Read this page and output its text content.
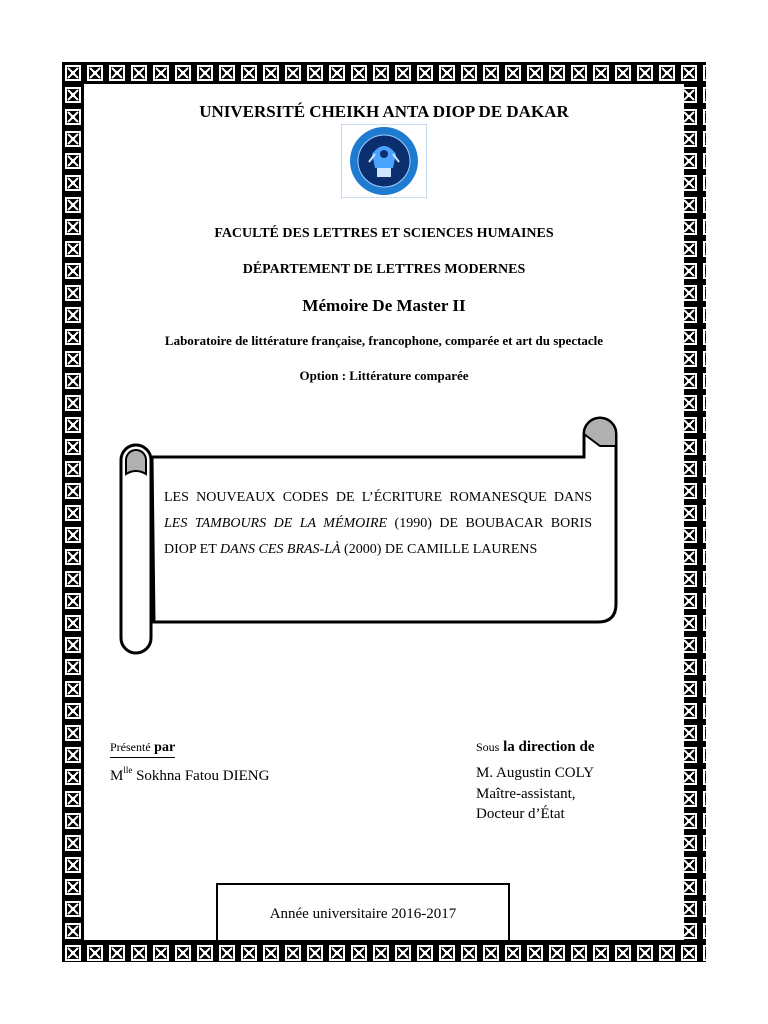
UNIVERSITÉ CHEIKH ANTA DIOP DE DAKAR
FACULTÉ DES LETTRES ET SCIENCES HUMAINES
DÉPARTEMENT DE LETTRES MODERNES
Mémoire De Master II
Laboratoire de littérature française, francophone, comparée et art du spectacle
Option : Littérature comparée
LES NOUVEAUX CODES DE L’ÉCRITURE ROMANESQUE DANS LES TAMBOURS DE LA MÉMOIRE (1990) DE BOUBACAR BORIS DIOP ET DANS CES BRAS-LÀ (2000) DE CAMILLE LAURENS
Présenté par
$M^{lle}$ Sokhna Fatou DIENG
Sous la direction de
M. Augustin COLY
Maître-assistant,
Docteur d’État
Année universitaire 2016-2017
